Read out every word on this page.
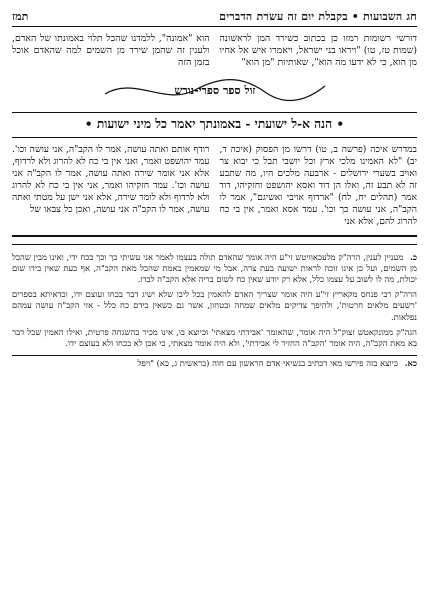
חג השבועות • בקבלת יום זה עשרת הדברים
תמז
דורשי רשומות רמזו כן בכתוב כשירד המן לראשונה (שמות טז, טו) "ויראו בני ישראל, ויאמרו איש אל אחיו מן הוא, כי לא ידעו מה הוא", שאותיות "מן הוא"
הוא "אמונה", ללמדנו שהכל תלוי באמונתו של האדם, ולענין זה שהמן שירד מן השמים למה שהאדם אוכל בזמן הזה
זול ספר ספרי-נורש
• הנה א-ל ישועתי - באמונתך יאמר כל מיני ישועות •
במדרש איכה (פרשה ב, טו) דרשו מן הפסוק (איכה ד, יב) "לא האמינו מלכי ארץ וכל יושבי תבל כי יבוא צר ואויב בשערי ירושלים - ארבעה מלכים היו, מה שתבע זה לא תבע זה, ואלו הן דוד ואסא יהושפט וחזקיהו, דוד אמר (תהלים יח, לח) "ארדוף אויבי ואשיגם", אמר לו הקב"ה, אני עושה כך וכו'. עמד אסא ואמר, אין בי כח להרוג להם, אלא אני
רודף אותם ואתה עושה, אמר לו הקב"ה, אני עושה וכו'. עמד יהושפט ואמר, ואני אין בי כח לא להרוג ולא לרדוף, אלא אני אומר שירה ואתה עושה, אמר לו הקב"ה אני עושה וכו'. עמד חזקיהו ואמר, אני אין בי כח לא להרוג ולא לרדוף ולא לומר שירה, אלא אני ישן על מטתי ואתה עושה, אמר לו הקב"ה אני עושה, ואכן כל צבאו של
כ. מעניין לענין, הרה"ק מלעכאוויטש זי"ע היה אומר שהאדם תולה בעצמו לאמר אני עשיתי כך וכך בכח ידי, ואינו מבין שהכל מן השמים, ועל כן אינו זוכה לראות ישועה בעת צרה, אבל מי שמאמין באמת שהכל מאת הקב"ה, אף בעת שאין בידו שום יכולת, מה לו לשוב על עצמו כלל, אלא רק יודע שאין כח לשום בריה אלא הקב"ה לבדו.
הרה"ק רבי פנחס מקאריץ זי"ע היה אומר שצריך האדם להאמין בכל ליבו שלא ישיג דבר בכחו ועוצם ידו, וכדאיתא בספרים 'רשעים מלאים חרטות', ולהיפך צדיקים מלאים שמחה ובטחון, אשר גם כשאין בידם כח כלל - אזי הקב"ה עושה עמהם נפלאות.
הגה"ק ממונקאטש זצוק"ל היה אומר, שהאומר 'אבידתי מצאתי' וכיוצא בו, אינו מכיר בהשגחה פרטית, ואילו האמין שכל דבר בא מאת הקב"ה, היה אומר 'הקב"ה החזיר לי אבידתי', ולא היה אומר מצאתי, כי אכן לא בכחו ולא בעוצם ידו.
כא. כיוצא בזה פירשו מאי דכתיב בנשיאי אדם הראשון עם חוה (בראשית ג, כא) "ויפל
